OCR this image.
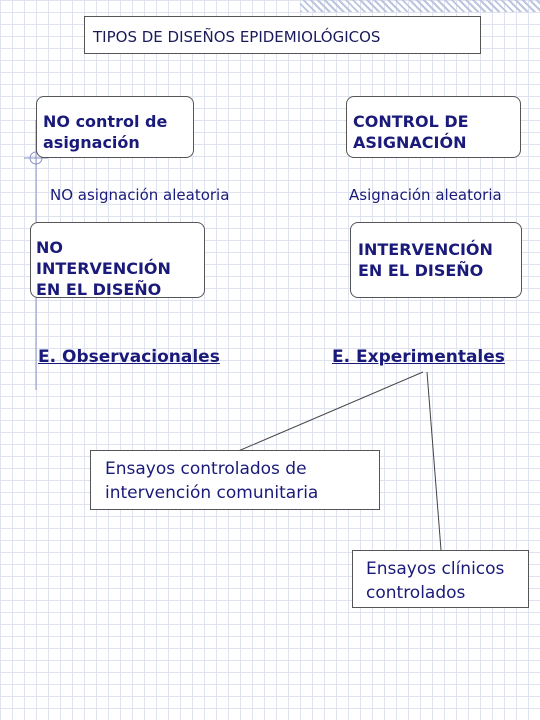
TIPOS DE DISEÑOS EPIDEMIOLÓGICOS
NO control de
asignación
CONTROL DE
ASIGNACIÓN
NO asignación aleatoria	Asignación aleatoria
NO
INTERVENCIÓN
EN EL DISEÑO
INTERVENCIÓN
EN EL DISEÑO
E. Observacionales	E. Experimentales
Ensayos controlados de
intervención comunitaria
Ensayos clínicos
controlados
